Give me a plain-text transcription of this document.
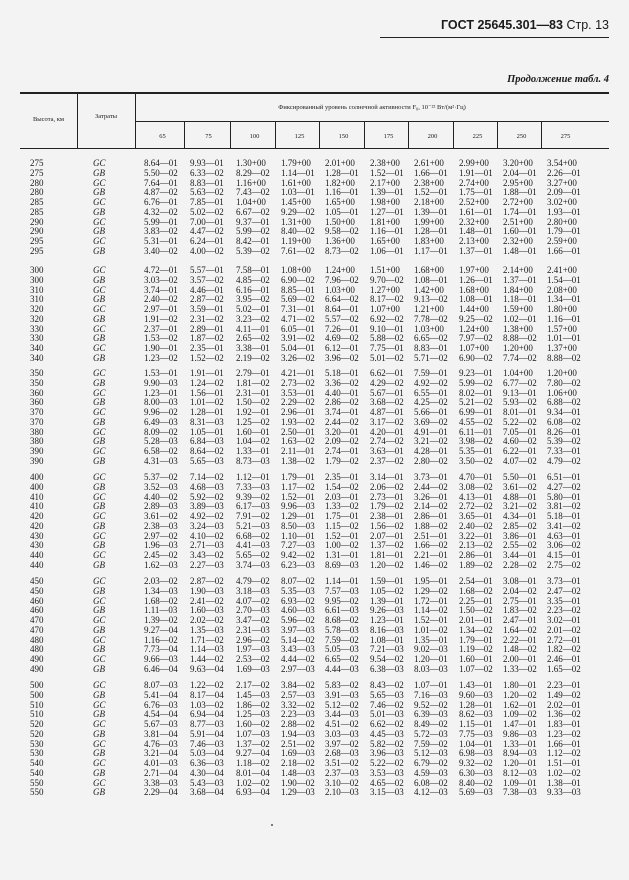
ГОСТ 25645.301—83 Стр. 13
Продолжение табл. 4
Высота, км	Затраты
Фиксированный уровень солнечной активности F₀, 10⁻²² Вт/(м²·Гц)
65	75	100	125	150	175	200	225	250	275
275	GC	8.64—01	9.93—01	1.30+00	1.79+00	2.01+00	2.38+00	2.61+00	2.99+00	3.20+00	3.54+00
275	GB	5.50—02	6.33—02	8.29—02	1.14—01	1.28—01	1.52—01	1.66—01	1.91—01	2.04—01	2.26—01
280	GC	7.64—01	8.83—01	1.16+00	1.61+00	1.82+00	2.17+00	2.38+00	2.74+00	2.95+00	3.27+00
280	GB	4.87—02	5.63—02	7.43—02	1.03—01	1.16—01	1.39—01	1.52—01	1.75—01	1.88—01	2.09—01
285	GC	6.76—01	7.85—01	1.04+00	1.45+00	1.65+00	1.98+00	2.18+00	2.52+00	2.72+00	3.02+00
285	GB	4.32—02	5.02—02	6.67—02	9.29—02	1.05—01	1.27—01	1.39—01	1.61—01	1.74—01	1.93—01
290	GC	5.99—01	7.00—01	9.37—01	1.31+00	1.50+00	1.81+00	1.99+00	2.32+00	2.51+00	2.80+00
290	GB	3.83—02	4.47—02	5.99—02	8.40—02	9.58—02	1.16—01	1.28—01	1.48—01	1.60—01	1.79—01
295	GC	5.31—01	6.24—01	8.42—01	1.19+00	1.36+00	1.65+00	1.83+00	2.13+00	2.32+00	2.59+00
295	GB	3.40—02	4.00—02	5.39—02	7.61—02	8.73—02	1.06—01	1.17—01	1.37—01	1.48—01	1.66—01
300	GC	4.72—01	5.57—01	7.58—01	1.08+00	1.24+00	1.51+00	1.68+00	1.97+00	2.14+00	2.41+00
300	GB	3.03—02	3.57—02	4.85—02	6.90—02	7.96—02	9.70—02	1.08—01	1.26—01	1.37—01	1.54—01
310	GC	3.74—01	4.46—01	6.16—01	8.85—01	1.03+00	1.27+00	1.42+00	1.68+00	1.84+00	2.08+00
310	GB	2.40—02	2.87—02	3.95—02	5.69—02	6.64—02	8.17—02	9.13—02	1.08—01	1.18—01	1.34—01
320	GC	2.97—01	3.59—01	5.02—01	7.31—01	8.64—01	1.07+00	1.21+00	1.44+00	1.59+00	1.80+00
320	GB	1.91—02	2.31—02	3.23—02	4.71—02	5.57—02	6.92—02	7.78—02	9.25—02	1.02—01	1.16—01
330	GC	2.37—01	2.89—01	4.11—01	6.05—01	7.26—01	9.10—01	1.03+00	1.24+00	1.38+00	1.57+00
330	GB	1.53—02	1.87—02	2.65—02	3.91—02	4.69—02	5.88—02	6.65—02	7.97—02	8.88—02	1.01—01
340	GC	1.90—01	2.35—01	3.38—01	5.04—01	6.12—01	7.75—01	8.83—01	1.07+00	1.20+00	1.37+00
340	GB	1.23—02	1.52—02	2.19—02	3.26—02	3.96—02	5.01—02	5.71—02	6.90—02	7.74—02	8.88—02
350	GC	1.53—01	1.91—01	2.79—01	4.21—01	5.18—01	6.62—01	7.59—01	9.23—01	1.04+00	1.20+00
350	GB	9.90—03	1.24—02	1.81—02	2.73—02	3.36—02	4.29—02	4.92—02	5.99—02	6.77—02	7.80—02
360	GC	1.23—01	1.56—01	2.31—01	3.53—01	4.40—01	5.67—01	6.55—01	8.02—01	9.13—01	1.06+00
360	GB	8.00—03	1.01—02	1.50—02	2.29—02	2.86—02	3.68—02	4.25—02	5.21—02	5.93—02	6.88—02
370	GC	9.96—02	1.28—01	1.92—01	2.96—01	3.74—01	4.87—01	5.66—01	6.99—01	8.01—01	9.34—01
370	GB	6.49—03	8.31—03	1.25—02	1.93—02	2.44—02	3.17—02	3.69—02	4.55—02	5.22—02	6.08—02
380	GC	8.09—02	1.05—01	1.60—01	2.50—01	3.20—01	4.20—01	4.91—01	6.11—01	7.05—01	8.26—01
380	GB	5.28—03	6.84—03	1.04—02	1.63—02	2.09—02	2.74—02	3.21—02	3.98—02	4.60—02	5.39—02
390	GC	6.58—02	8.64—02	1.33—01	2.11—01	2.74—01	3.63—01	4.28—01	5.35—01	6.22—01	7.33—01
390	GB	4.31—03	5.65—03	8.73—03	1.38—02	1.79—02	2.37—02	2.80—02	3.50—02	4.07—02	4.79—02
400	GC	5.37—02	7.14—02	1.12—01	1.79—01	2.35—01	3.14—01	3.73—01	4.70—01	5.50—01	6.51—01
400	GB	3.52—03	4.68—03	7.33—03	1.17—02	1.54—02	2.06—02	2.44—02	3.08—02	3.61—02	4.27—02
410	GC	4.40—02	5.92—02	9.39—02	1.52—01	2.03—01	2.73—01	3.26—01	4.13—01	4.88—01	5.80—01
410	GB	2.89—03	3.89—03	6.17—03	9.96—03	1.33—02	1.79—02	2.14—02	2.72—02	3.21—02	3.81—02
420	GC	3.61—02	4.92—02	7.91—02	1.29—01	1.75—01	2.38—01	2.86—01	3.65—01	4.34—01	5.18—01
420	GB	2.38—03	3.24—03	5.21—03	8.50—03	1.15—02	1.56—02	1.88—02	2.40—02	2.85—02	3.41—02
430	GC	2.97—02	4.10—02	6.68—02	1.10—01	1.52—01	2.07—01	2.51—01	3.22—01	3.86—01	4.63—01
430	GB	1.96—03	2.71—03	4.41—03	7.27—03	1.00—02	1.37—02	1.66—02	2.13—02	2.55—02	3.06—02
440	GC	2.45—02	3.43—02	5.65—02	9.42—02	1.31—01	1.81—01	2.21—01	2.86—01	3.44—01	4.15—01
440	GB	1.62—03	2.27—03	3.74—03	6.23—03	8.69—03	1.20—02	1.46—02	1.89—02	2.28—02	2.75—02
450	GC	2.03—02	2.87—02	4.79—02	8.07—02	1.14—01	1.59—01	1.95—01	2.54—01	3.08—01	3.73—01
450	GB	1.34—03	1.90—03	3.18—03	5.35—03	7.57—03	1.05—02	1.29—02	1.68—02	2.04—02	2.47—02
460	GC	1.68—02	2.41—02	4.07—02	6.93—02	9.95—02	1.39—01	1.72—01	2.25—01	2.75—01	3.35—01
460	GB	1.11—03	1.60—03	2.70—03	4.60—03	6.61—03	9.26—03	1.14—02	1.50—02	1.83—02	2.23—02
470	GC	1.39—02	2.02—02	3.47—02	5.96—02	8.68—02	1.23—01	1.52—01	2.01—01	2.47—01	3.02—01
470	GB	9.27—04	1.35—03	2.31—03	3.97—03	5.78—03	8.16—03	1.01—02	1.34—02	1.64—02	2.01—02
480	GC	1.16—02	1.71—02	2.96—02	5.14—02	7.59—02	1.08—01	1.35—01	1.79—01	2.22—01	2.72—01
480	GB	7.73—04	1.14—03	1.97—03	3.43—03	5.05—03	7.21—03	9.02—03	1.19—02	1.48—02	1.82—02
490	GC	9.66—03	1.44—02	2.53—02	4.44—02	6.65—02	9.54—02	1.20—01	1.60—01	2.00—01	2.46—01
490	GB	6.46—04	9.63—04	1.69—03	2.97—03	4.44—03	6.38—03	8.03—03	1.07—02	1.33—02	1.65—02
500	GC	8.07—03	1.22—02	2.17—02	3.84—02	5.83—02	8.43—02	1.07—01	1.43—01	1.80—01	2.23—01
500	GB	5.41—04	8.17—04	1.45—03	2.57—03	3.91—03	5.65—03	7.16—03	9.60—03	1.20—02	1.49—02
510	GC	6.76—03	1.03—02	1.86—02	3.32—02	5.12—02	7.46—02	9.52—02	1.28—01	1.62—01	2.02—01
510	GB	4.54—04	6.94—04	1.25—03	2.23—03	3.44—03	5.01—03	6.39—03	8.62—03	1.09—02	1.36—02
520	GC	5.67—03	8.77—03	1.60—02	2.88—02	4.51—02	6.62—02	8.49—02	1.15—01	1.47—01	1.83—01
520	GB	3.81—04	5.91—04	1.07—03	1.94—03	3.03—03	4.45—03	5.72—03	7.75—03	9.86—03	1.23—02
530	GC	4.76—03	7.46—03	1.37—02	2.51—02	3.97—02	5.82—02	7.59—02	1.04—01	1.33—01	1.66—01
530	GB	3.21—04	5.03—04	9.27—04	1.69—03	2.68—03	3.96—03	5.12—03	6.98—03	8.94—03	1.12—02
540	GC	4.01—03	6.36—03	1.18—02	2.18—02	3.51—02	5.22—02	6.79—02	9.32—02	1.20—01	1.51—01
540	GB	2.71—04	4.30—04	8.01—04	1.48—03	2.37—03	3.53—03	4.59—03	6.30—03	8.12—03	1.02—02
550	GC	3.38—03	5.43—03	1.02—02	1.90—02	3.10—02	4.65—02	6.08—02	8.40—02	1.09—01	1.38—01
550	GB	2.29—04	3.68—04	6.93—04	1.29—03	2.10—03	3.15—03	4.12—03	5.69—03	7.38—03	9.33—03
